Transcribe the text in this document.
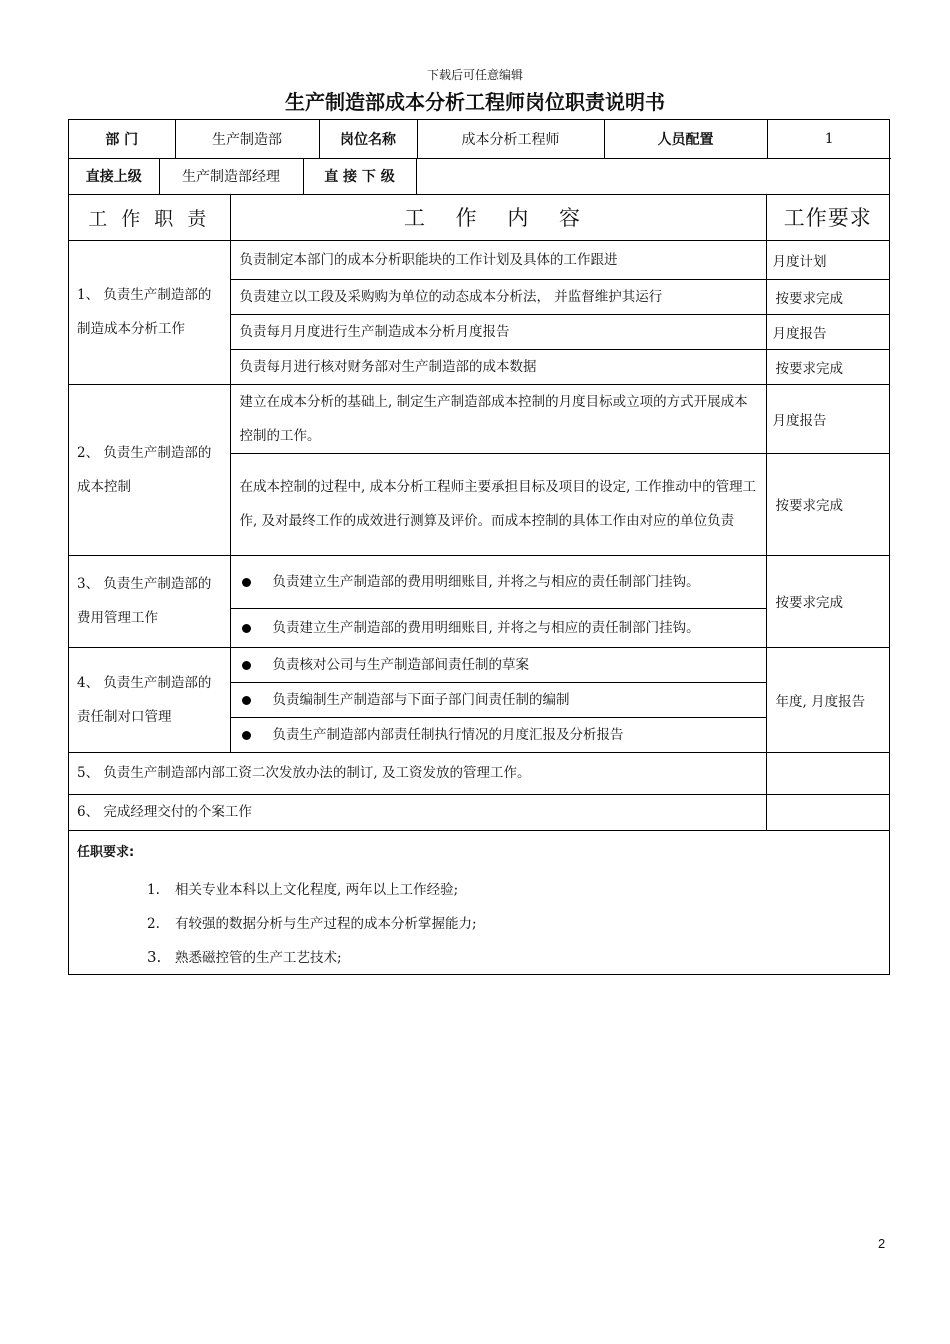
下载后可任意编辑
生产制造部成本分析工程师岗位职责说明书
部 门	生产制造部	岗位名称	成本分析工程师	人员配置	1
直接上级	生产制造部经理	直 接 下 级	
工 作 职 责	工 作 内 容	工作要求

1、 负责生产制造部的
制造成本分析工作	负责制定本部门的成本分析职能块的工作计划及具体的工作跟进	月度计划
	负责建立以工段及采购购为单位的动态成本分析法， 并监督维护其运行	按要求完成
	负责每月月度进行生产制造成本分析月度报告	月度报告
	负责每月进行核对财务部对生产制造部的成本数据	按要求完成

2、 负责生产制造部的
成本控制	建立在成本分析的基础上, 制定生产制造部成本控制的月度目标或立项的方式开展成本控制的工作。	月度报告
	在成本控制的过程中, 成本分析工程师主要承担目标及项目的设定, 工作推动中的管理工作, 及对最终工作的成效进行测算及评价。而成本控制的具体工作由对应的单位负责	按要求完成

3、 负责生产制造部的
费用管理工作	负责建立生产制造部的费用明细账目, 并将之与相应的责任制部门挂钩。	按要求完成
	负责建立生产制造部的费用明细账目, 并将之与相应的责任制部门挂钩。	

4、 负责生产制造部的
责任制对口管理	负责核对公司与生产制造部间责任制的草案	年度, 月度报告
	负责编制生产制造部与下面子部门间责任制的编制	
	负责生产制造部内部责任制执行情况的月度汇报及分析报告	
5、 负责生产制造部内部工资二次发放办法的制订, 及工资发放的管理工作。		
6、 完成经理交付的个案工作		

任职要求:
1. 相关专业本科以上文化程度, 两年以上工作经验;
2. 有较强的数据分析与生产过程的成本分析掌握能力;
3. 熟悉磁控管的生产工艺技术;		
2
